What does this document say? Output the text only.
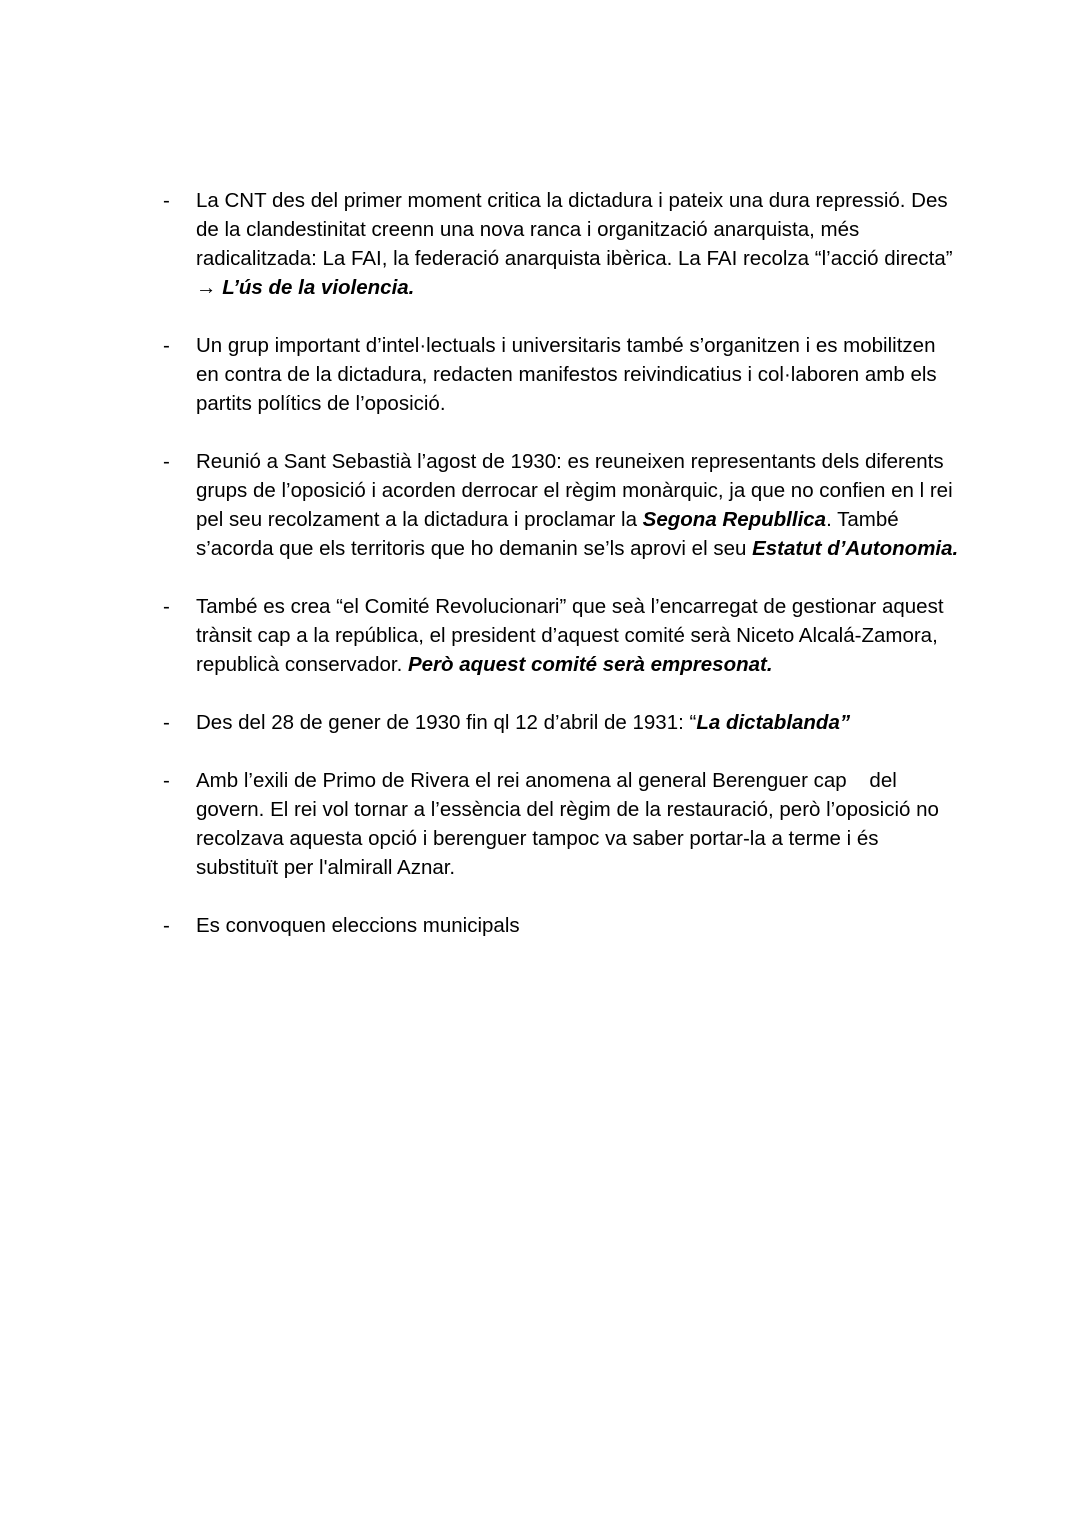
- La CNT des del primer moment critica la dictadura i pateix una dura repressió. Des de la clandestinitat creenn una nova ranca i organització anarquista, més radicalitzada: La FAI, la federació anarquista ibèrica. La FAI recolza “l’acció directa” → L’ús de la violencia.
- Un grup important d’intel·lectuals i universitaris també s’organitzen i es mobilitzen en contra de la dictadura, redacten manifestos reivindicatius i col·laboren amb els partits polítics de l’oposició.
- Reunió a Sant Sebastià l’agost de 1930: es reuneixen representants dels diferents grups de l’oposició i acorden derrocar el règim monàrquic, ja que no confien en l rei pel seu recolzament a la dictadura i proclamar la Segona Republlica. També s’acorda que els territoris que ho demanin se’ls aprovi el seu Estatut d’Autonomia.
- També es crea “el Comité Revolucionari” que seà l’encarregat de gestionar aquest trànsit cap a la república, el president d’aquest comité serà Niceto Alcalá-Zamora, republicà conservador. Però aquest comité serà empresonat.
- Des del 28 de gener de 1930 fin ql 12 d’abril de 1931: “La dictablanda”
- Amb l’exili de Primo de Rivera el rei anomena al general Berenguer cap    del govern. El rei vol tornar a l’essència del règim de la restauració, però l’oposició no recolzava aquesta opció i berenguer tampoc va saber portar-la a terme i és substituït per l'almirall Aznar.
- Es convoquen eleccions municipals
